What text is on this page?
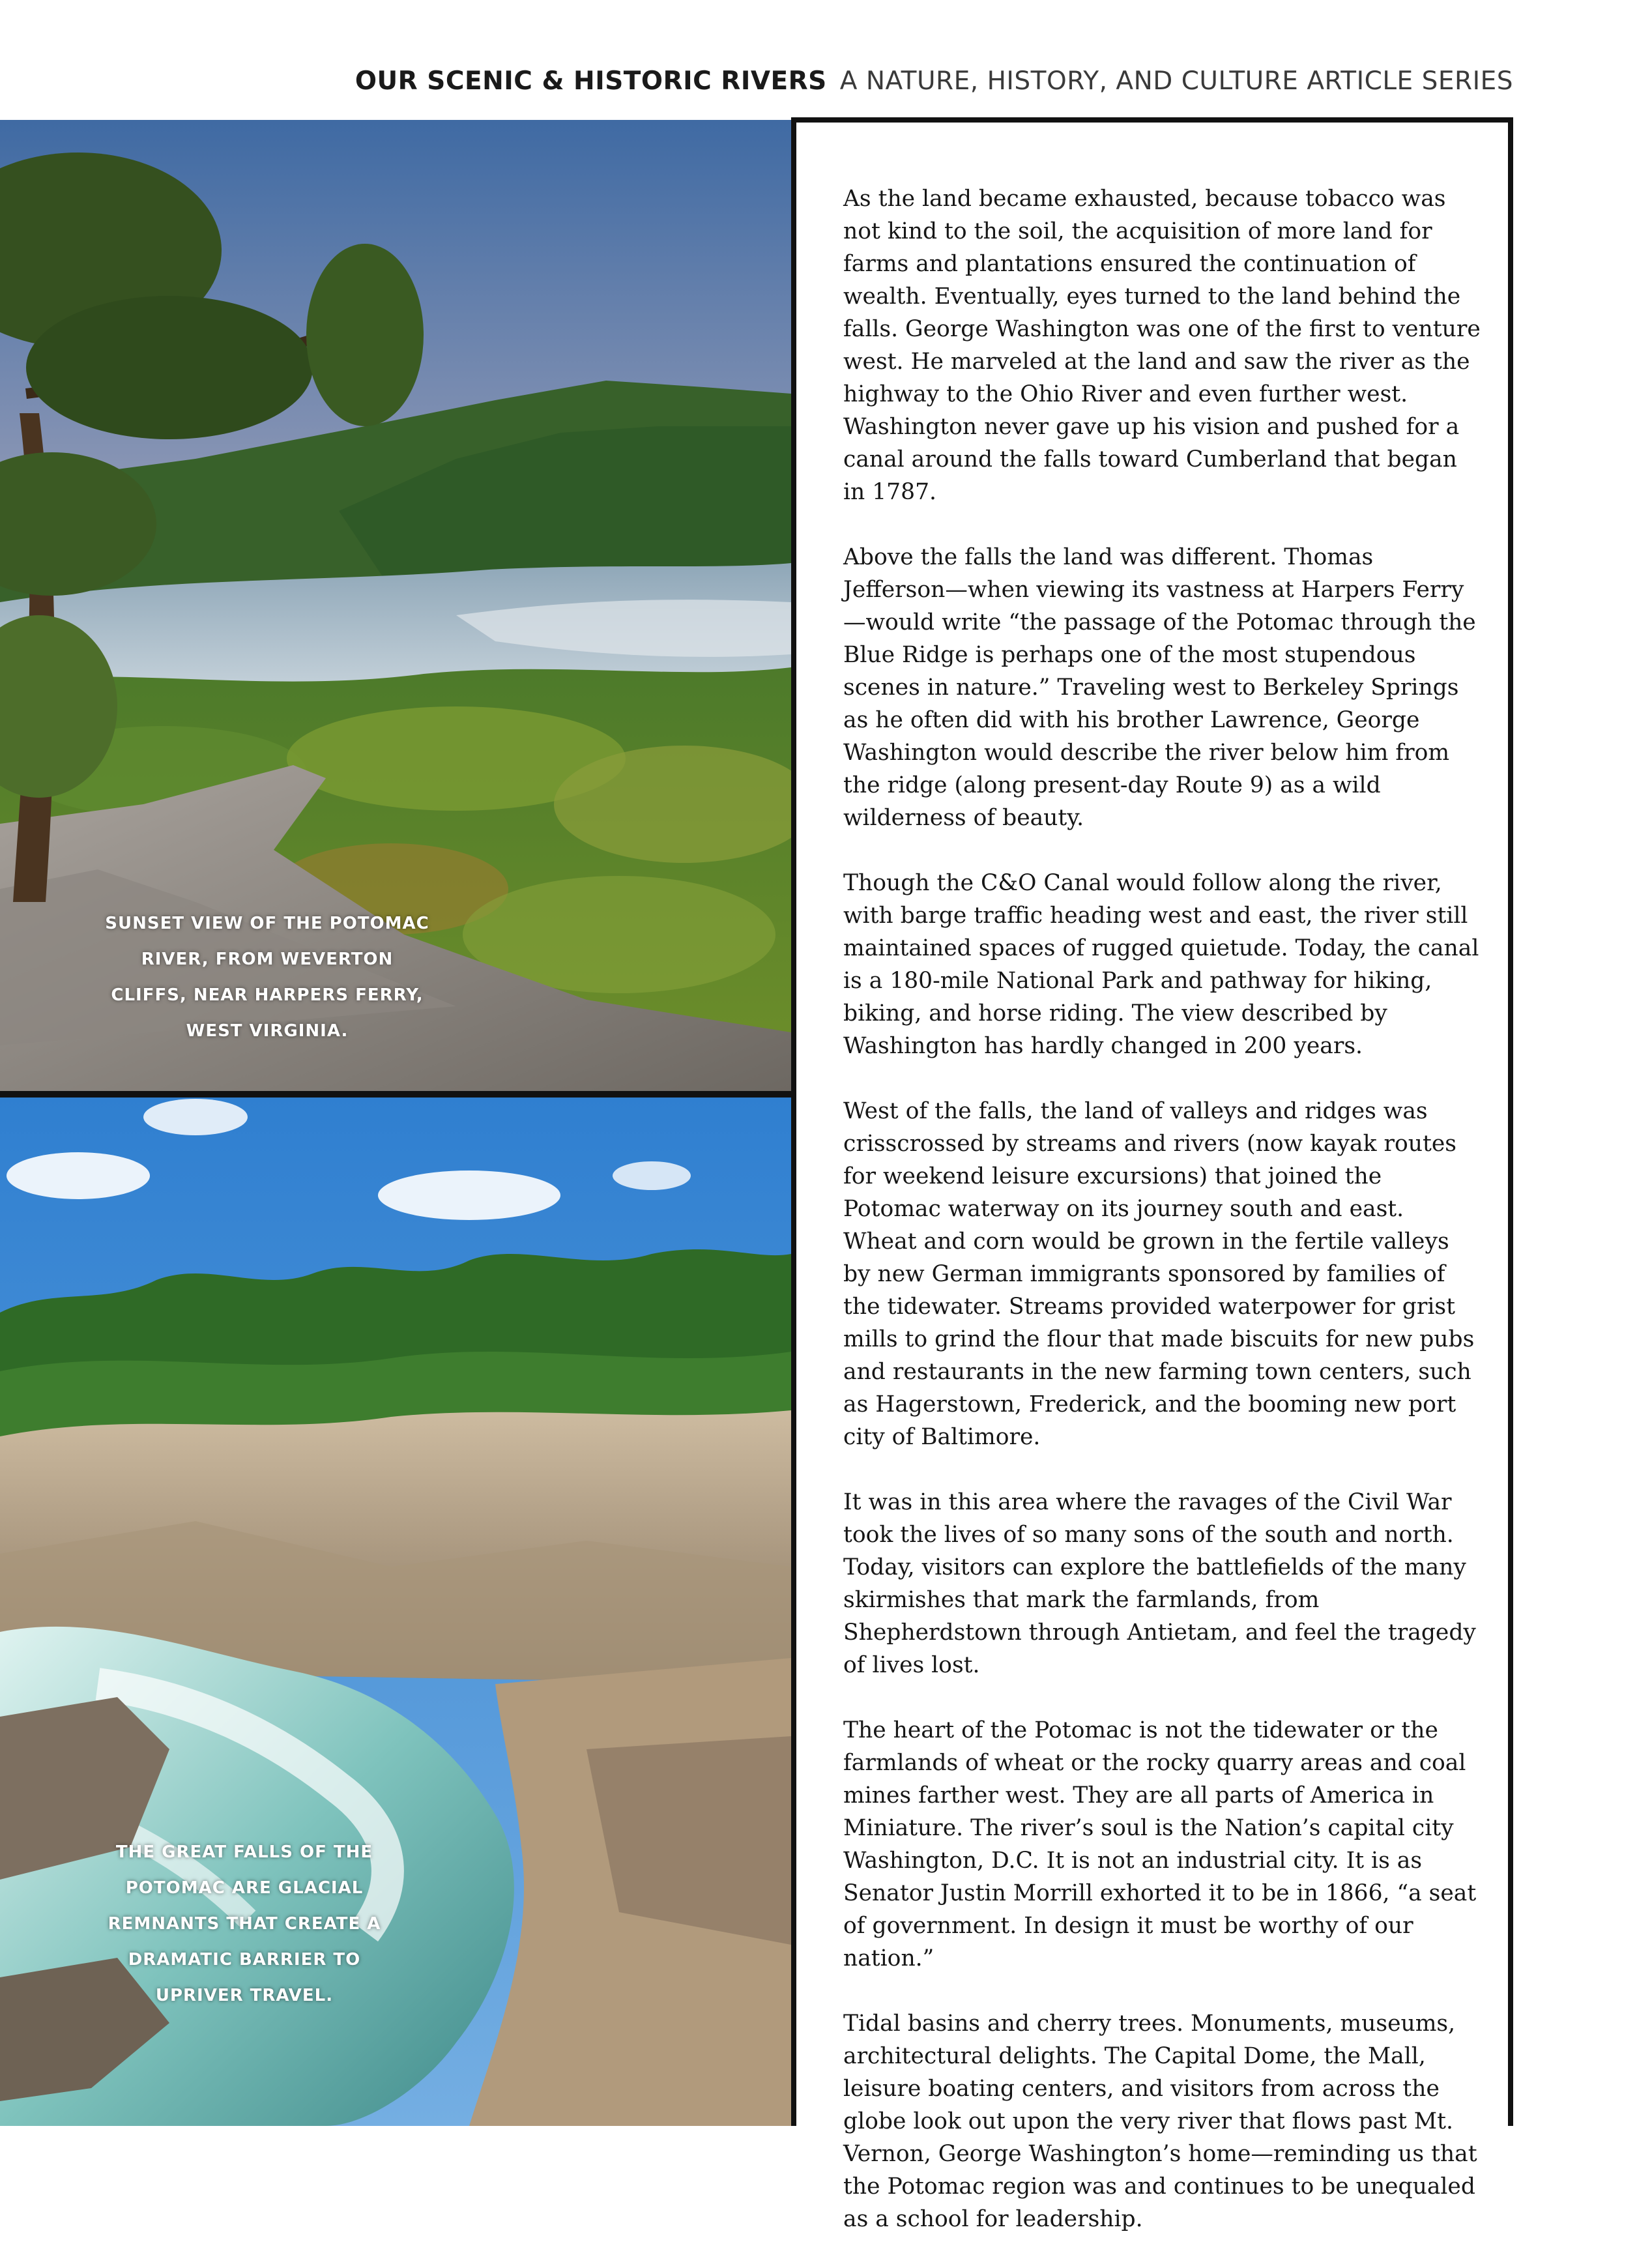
OUR SCENIC & HISTORIC RIVERS A NATURE, HISTORY, AND CULTURE ARTICLE SERIES
SUNSET VIEW OF THE POTOMAC RIVER, FROM WEVERTON CLIFFS, NEAR HARPERS FERRY, WEST VIRGINIA.
THE GREAT FALLS OF THE POTOMAC ARE GLACIAL REMNANTS THAT CREATE A DRAMATIC BARRIER TO UPRIVER TRAVEL.

As the land became exhausted, because tobacco was not kind to the soil, the acquisition of more land for farms and plantations ensured the continuation of wealth. Eventually, eyes turned to the land behind the falls. George Washington was one of the first to venture west. He marveled at the land and saw the river as the highway to the Ohio River and even further west. Washington never gave up his vision and pushed for a canal around the falls toward Cumberland that began in 1787.

Above the falls the land was different. Thomas Jefferson—when viewing its vastness at Harpers Ferry—would write “the passage of the Potomac through the Blue Ridge is perhaps one of the most stupendous scenes in nature.” Traveling west to Berkeley Springs as he often did with his brother Lawrence, George Washington would describe the river below him from the ridge (along present-day Route 9) as a wild wilderness of beauty.

Though the C&O Canal would follow along the river, with barge traffic heading west and east, the river still maintained spaces of rugged quietude. Today, the canal is a 180-mile National Park and pathway for hiking, biking, and horse riding. The view described by Washington has hardly changed in 200 years.

West of the falls, the land of valleys and ridges was crisscrossed by streams and rivers (now kayak routes for weekend leisure excursions) that joined the Potomac waterway on its journey south and east. Wheat and corn would be grown in the fertile valleys by new German immigrants sponsored by families of the tidewater. Streams provided waterpower for grist mills to grind the flour that made biscuits for new pubs and restaurants in the new farming town centers, such as Hagerstown, Frederick, and the booming new port city of Baltimore.

It was in this area where the ravages of the Civil War took the lives of so many sons of the south and north. Today, visitors can explore the battlefields of the many skirmishes that mark the farmlands, from Shepherdstown through Antietam, and feel the tragedy of lives lost.

The heart of the Potomac is not the tidewater or the farmlands of wheat or the rocky quarry areas and coal mines farther west. They are all parts of America in Miniature. The river’s soul is the Nation’s capital city Washington, D.C. It is not an industrial city. It is as Senator Justin Morrill exhorted it to be in 1866, “a seat of government. In design it must be worthy of our nation.”

Tidal basins and cherry trees. Monuments, museums, architectural delights. The Capital Dome, the Mall, leisure boating centers, and visitors from across the globe look out upon the very river that flows past Mt. Vernon, George Washington’s home—reminding us that the Potomac region was and continues to be unequaled as a school for leadership.
